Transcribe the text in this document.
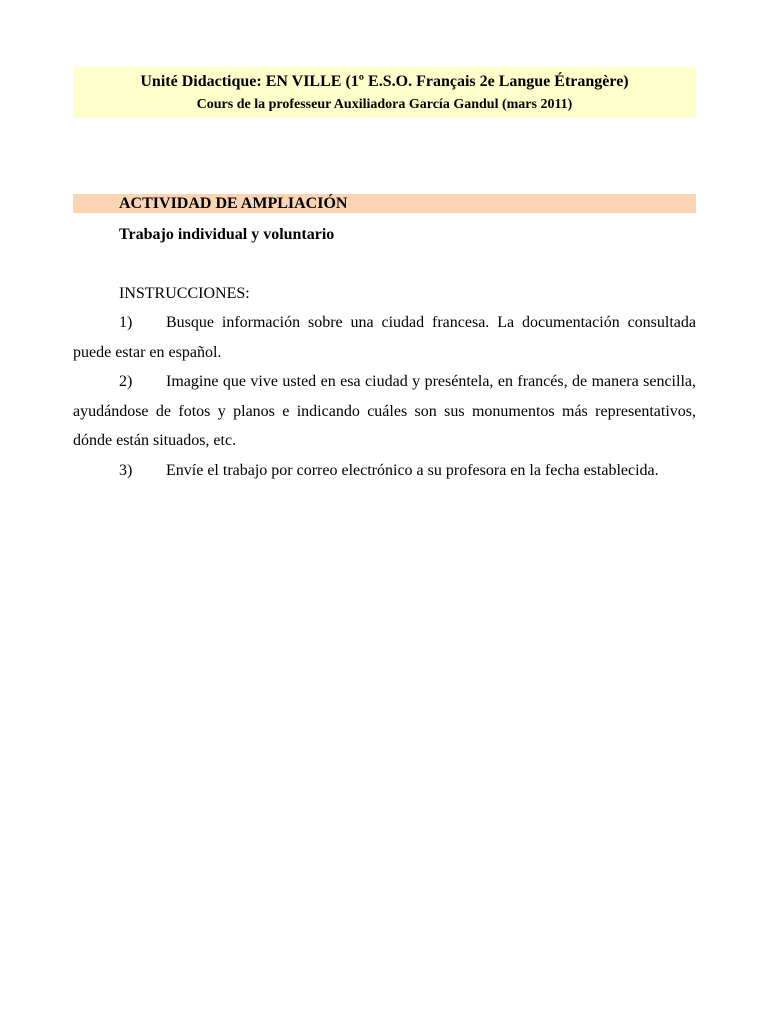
Unité Didactique: EN VILLE (1º E.S.O. Français 2e Langue Étrangère)
Cours de la professeur Auxiliadora García Gandul (mars 2011)
ACTIVIDAD DE AMPLIACIÓN
Trabajo individual y voluntario
INSTRUCCIONES:
1) Busque información sobre una ciudad francesa. La documentación consultada puede estar en español.
2) Imagine que vive usted en esa ciudad y preséntela, en francés, de manera sencilla, ayudándose de fotos y planos e indicando cuáles son sus monumentos más representativos, dónde están situados, etc.
3) Envíe el trabajo por correo electrónico a su profesora en la fecha establecida.
